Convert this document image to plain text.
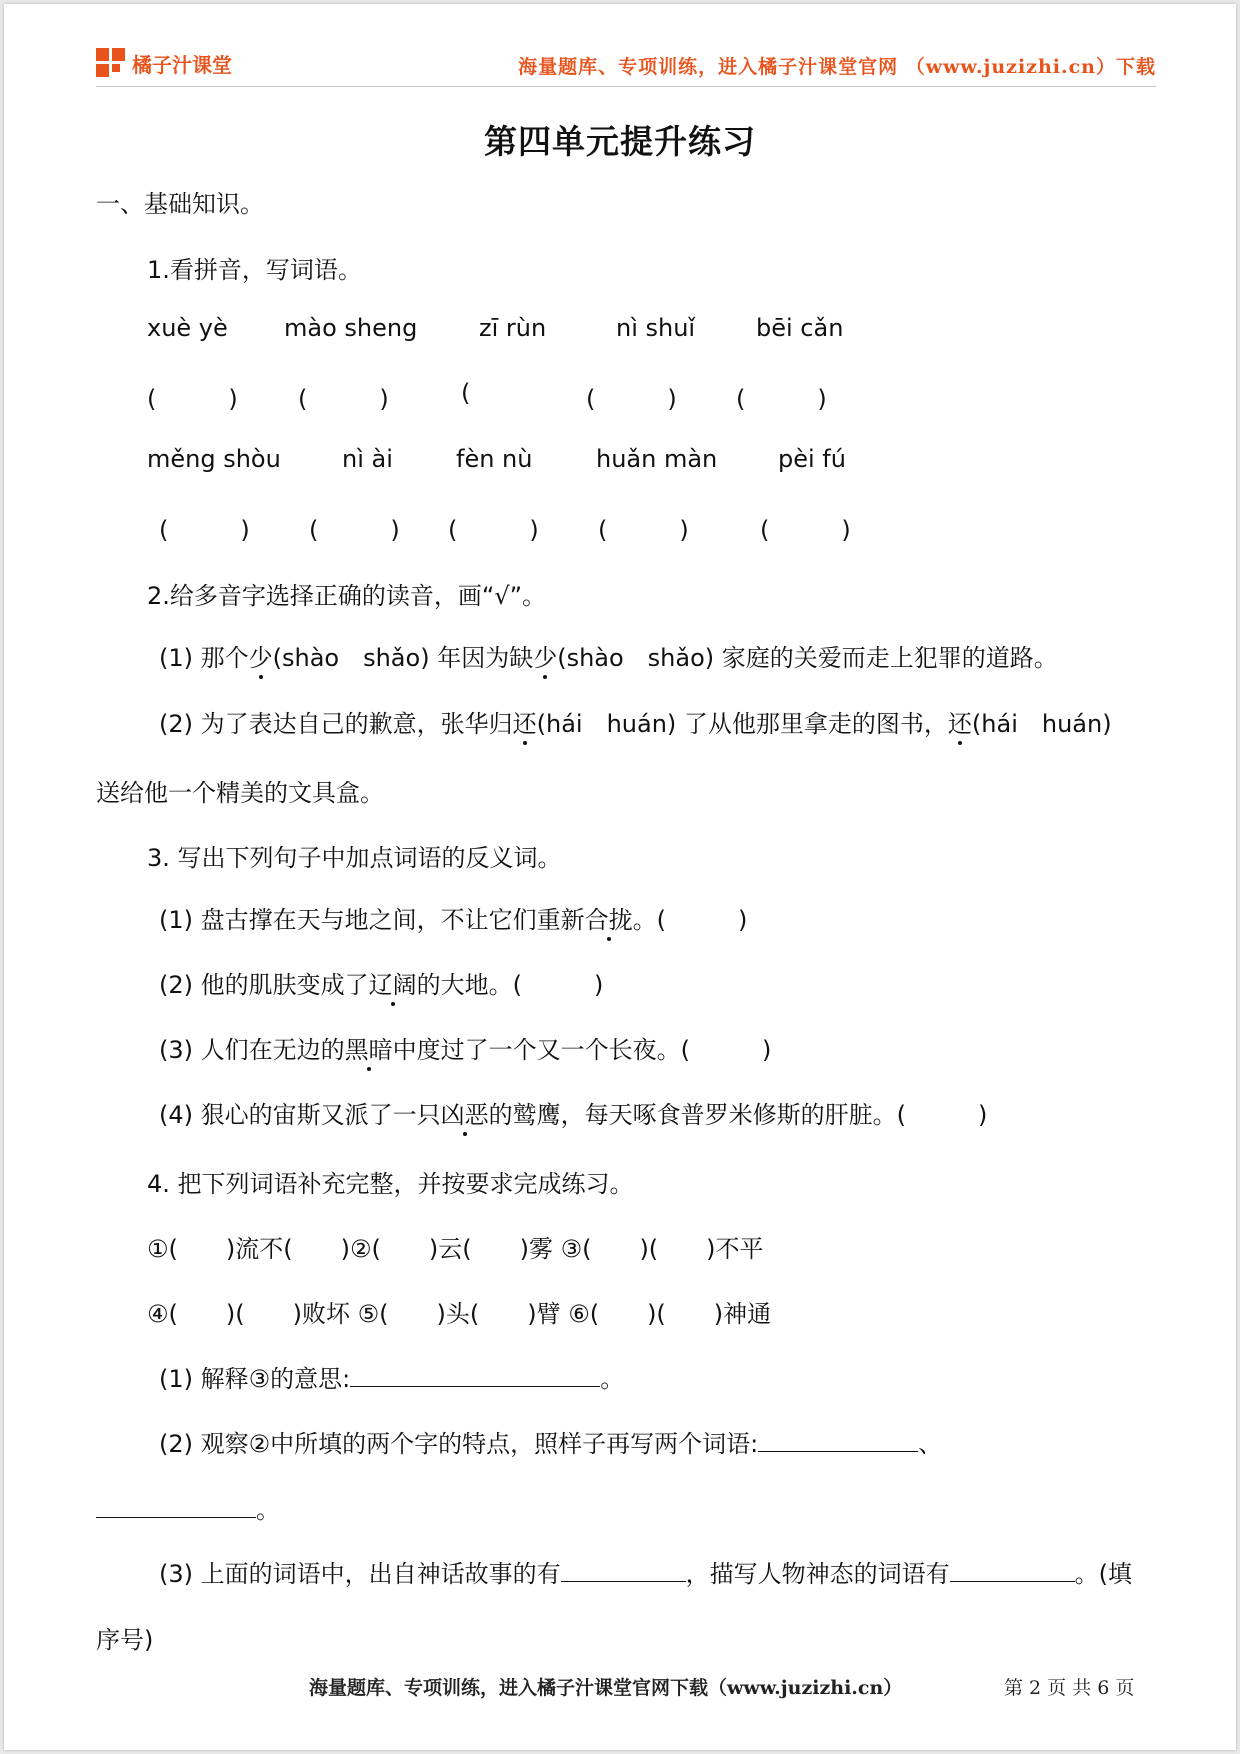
橘子汁课堂	海量题库、专项训练，进入橘子汁课堂官网 （www.juzizhi.cn）下载
第四单元提升练习
一、基础知识。
1.看拼音，写词语。
xuè yè mào sheng	zī rùn	nì shuǐ	bēi cǎn
(　　　)	(　　　)	(	(　　　) (　　　)
měng shòu	nì ài	fèn nù	huǎn màn	pèi fú
(　　　) (　　　) (　　　) (　　　)	(　　　)
2.给多音字选择正确的读音，画“√”。
(1) 那个少(shào　shǎo) 年因为缺少(shào　shǎo) 家庭的关爱而走上犯罪的道路。
(2) 为了表达自己的歉意，张华归还(hái　huán) 了从他那里拿走的图书，还(hái　huán)
送给他一个精美的文具盒。
3. 写出下列句子中加点词语的反义词。
(1) 盘古撑在天与地之间，不让它们重新合拢。(　　　)
(2) 他的肌肤变成了辽阔的大地。(　　　)
(3) 人们在无边的黑暗中度过了一个又一个长夜。(　　　)
(4) 狠心的宙斯又派了一只凶恶的鹫鹰，每天啄食普罗米修斯的肝脏。(　　　)
4. 把下列词语补充完整，并按要求完成练习。
①(　　)流不(　　)②(　　)云(　　)雾 ③(　　)(　　)不平
④(　　)(　　)败坏 ⑤(　　)头(　　)臂 ⑥(　　)(　　)神通
(1) 解释③的意思:	。
(2) 观察②中所填的两个字的特点，照样子再写两个词语:	、
。
(3) 上面的词语中，出自神话故事的有	，描写人物神态的词语有	。(填
序号)
海量题库、专项训练，进入橘子汁课堂官网下载（www.juzizhi.cn）	第 2 页 共 6 页
